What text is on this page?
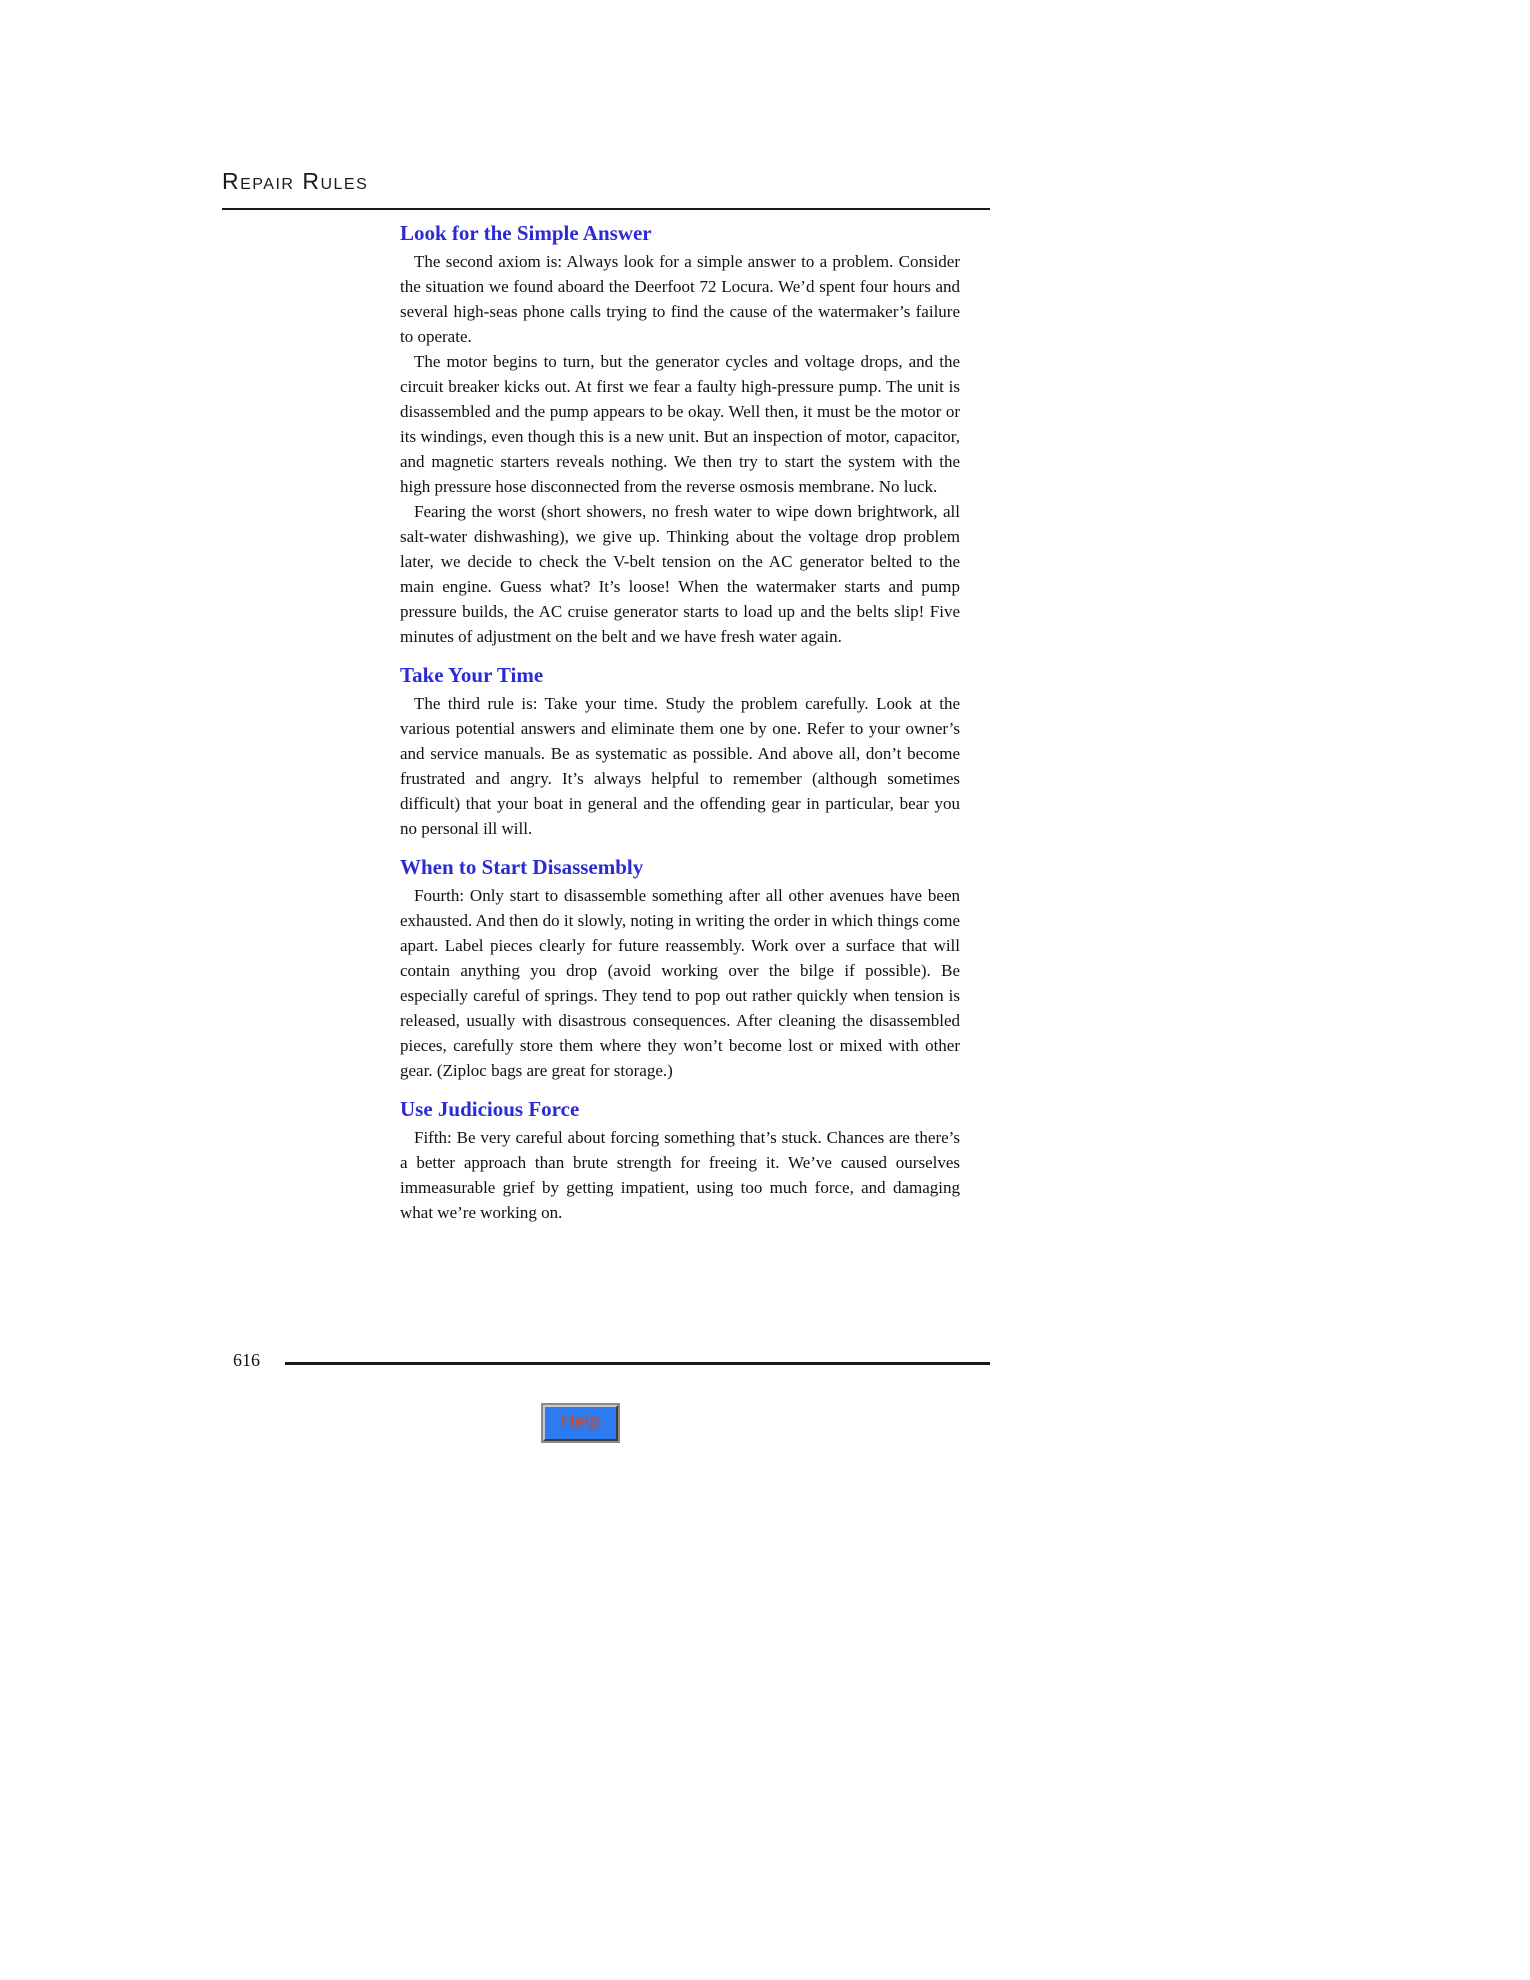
Repair Rules
Look for the Simple Answer

The second axiom is: Always look for a simple answer to a problem. Consider the situation we found aboard the Deerfoot 72 Locura. We’d spent four hours and several high-seas phone calls trying to find the cause of the watermaker’s failure to operate.

The motor begins to turn, but the generator cycles and voltage drops, and the circuit breaker kicks out. At first we fear a faulty high-pressure pump. The unit is disassembled and the pump appears to be okay. Well then, it must be the motor or its windings, even though this is a new unit. But an inspection of motor, capacitor, and magnetic starters reveals nothing. We then try to start the system with the high pressure hose disconnected from the reverse osmosis membrane. No luck.

Fearing the worst (short showers, no fresh water to wipe down brightwork, all salt-water dishwashing), we give up. Thinking about the voltage drop problem later, we decide to check the V-belt tension on the AC generator belted to the main engine. Guess what? It’s loose! When the watermaker starts and pump pressure builds, the AC cruise generator starts to load up and the belts slip! Five minutes of adjustment on the belt and we have fresh water again.

Take Your Time

The third rule is: Take your time. Study the problem carefully. Look at the various potential answers and eliminate them one by one. Refer to your owner’s and service manuals. Be as systematic as possible. And above all, don’t become frustrated and angry. It’s always helpful to remember (although sometimes difficult) that your boat in general and the offending gear in particular, bear you no personal ill will.

When to Start Disassembly

Fourth: Only start to disassemble something after all other avenues have been exhausted. And then do it slowly, noting in writing the order in which things come apart. Label pieces clearly for future reassembly. Work over a surface that will contain anything you drop (avoid working over the bilge if possible). Be especially careful of springs. They tend to pop out rather quickly when tension is released, usually with disastrous consequences. After cleaning the disassembled pieces, carefully store them where they won’t become lost or mixed with other gear. (Ziploc bags are great for storage.)

Use Judicious Force

Fifth: Be very careful about forcing something that’s stuck. Chances are there’s a better approach than brute strength for freeing it. We’ve caused ourselves immeasurable grief by getting impatient, using too much force, and damaging what we’re working on.

616
Help
